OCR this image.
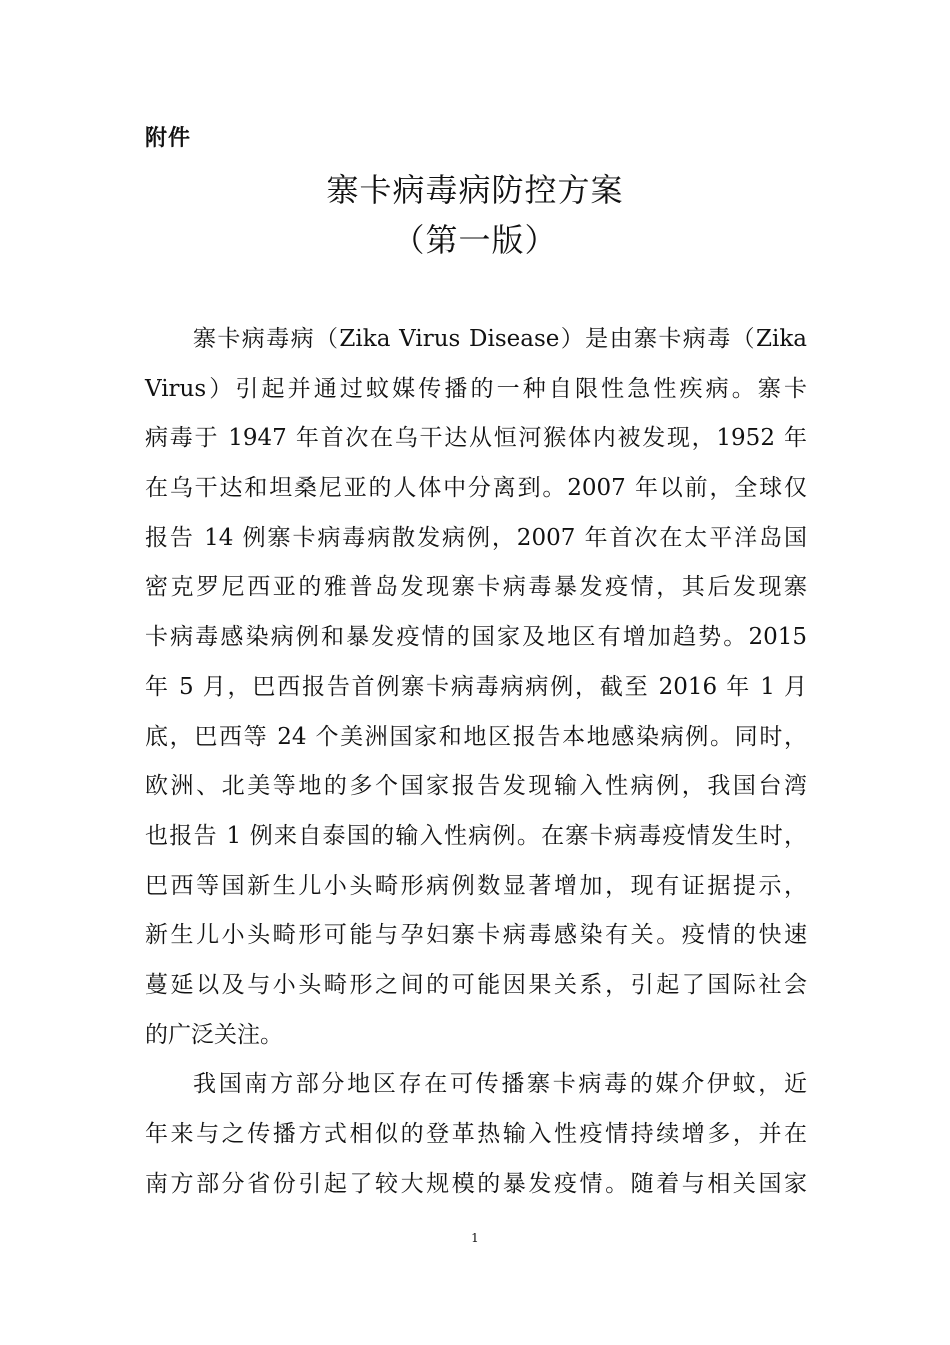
附件
寨卡病毒病防控方案
（第一版）
寨卡病毒病（Zika Virus Disease）是由寨卡病毒（Zika
Virus）引起并通过蚊媒传播的一种自限性急性疾病。寨卡
病毒于 1947 年首次在乌干达从恒河猴体内被发现，1952 年
在乌干达和坦桑尼亚的人体中分离到。2007 年以前，全球仅
报告 14 例寨卡病毒病散发病例，2007 年首次在太平洋岛国
密克罗尼西亚的雅普岛发现寨卡病毒暴发疫情，其后发现寨
卡病毒感染病例和暴发疫情的国家及地区有增加趋势。2015
年 5 月，巴西报告首例寨卡病毒病病例，截至 2016 年 1 月
底，巴西等 24 个美洲国家和地区报告本地感染病例。同时，
欧洲、北美等地的多个国家报告发现输入性病例，我国台湾
也报告 1 例来自泰国的输入性病例。在寨卡病毒疫情发生时，
巴西等国新生儿小头畸形病例数显著增加，现有证据提示，
新生儿小头畸形可能与孕妇寨卡病毒感染有关。疫情的快速
蔓延以及与小头畸形之间的可能因果关系，引起了国际社会
的广泛关注。
我国南方部分地区存在可传播寨卡病毒的媒介伊蚊，近
年来与之传播方式相似的登革热输入性疫情持续增多，并在
南方部分省份引起了较大规模的暴发疫情。随着与相关国家
1
